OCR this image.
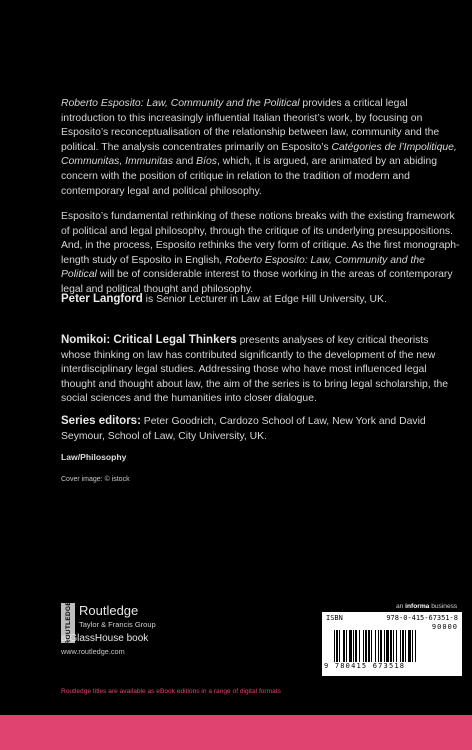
Roberto Esposito: Law, Community and the Political provides a critical legal introduction to this increasingly influential Italian theorist’s work, by focusing on Esposito’s reconceptualisation of the relationship between law, community and the political. The analysis concentrates primarily on Esposito’s Catégories de l’Impolitique, Communitas, Immunitas and Bíos, which, it is argued, are animated by an abiding concern with the position of critique in relation to the tradition of modern and contemporary legal and political philosophy.

Esposito’s fundamental rethinking of these notions breaks with the existing framework of political and legal philosophy, through the critique of its underlying presuppositions. And, in the process, Esposito rethinks the very form of critique. As the first monograph-length study of Esposito in English, Roberto Esposito: Law, Community and the Political will be of considerable interest to those working in the areas of contemporary legal and political thought and philosophy.

Peter Langford is Senior Lecturer in Law at Edge Hill University, UK.

Nomikoi: Critical Legal Thinkers presents analyses of key critical theorists whose thinking on law has contributed significantly to the development of the new interdisciplinary legal studies. Addressing those who have most influenced legal thought and thought about law, the aim of the series is to bring legal scholarship, the social sciences and the humanities into closer dialogue.

Series editors: Peter Goodrich, Cardozo School of Law, New York and David Seymour, School of Law, City University, UK.

Law/Philosophy
Cover image: © istock
ROUTLEDGE Routledge
Taylor & Francis Group
a GlassHouse book
www.routledge.com
Routledge titles are available as eBook editions in a range of digital formats
an informa business
ISBN	978-0-415-67351-8
90000
9 780415 673518
